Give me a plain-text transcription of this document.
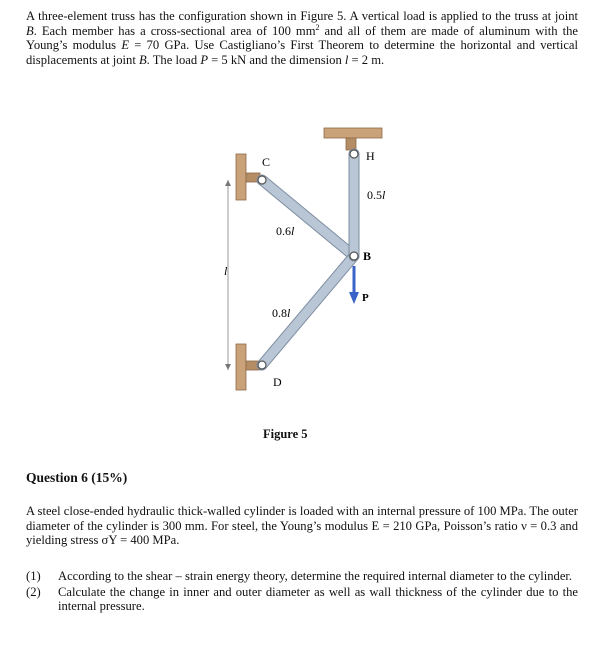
A three-element truss has the configuration shown in Figure 5. A vertical load is applied to the truss at joint B. Each member has a cross-sectional area of 100 $mm^2$ and all of them are made of aluminum with the Young’s modulus E = 70 GPa. Use Castigliano’s First Theorem to determine the horizontal and vertical displacements at joint B. The load P = 5 kN and the dimension l = 2 m.

l
C	H
B
P
D
0.6l
0.5l
0.8l

Figure 5

Question 6 (15%)

A steel close-ended hydraulic thick-walled cylinder is loaded with an internal pressure of 100 MPa. The outer diameter of the cylinder is 300 mm. For steel, the Young’s modulus E = 210 GPa, Poisson’s ratio ν = 0.3 and yielding stress σY = 400 MPa.

(1) According to the shear – strain energy theory, determine the required internal diameter to the cylinder.
(2) Calculate the change in inner and outer diameter as well as wall thickness of the cylinder due to the internal pressure.
